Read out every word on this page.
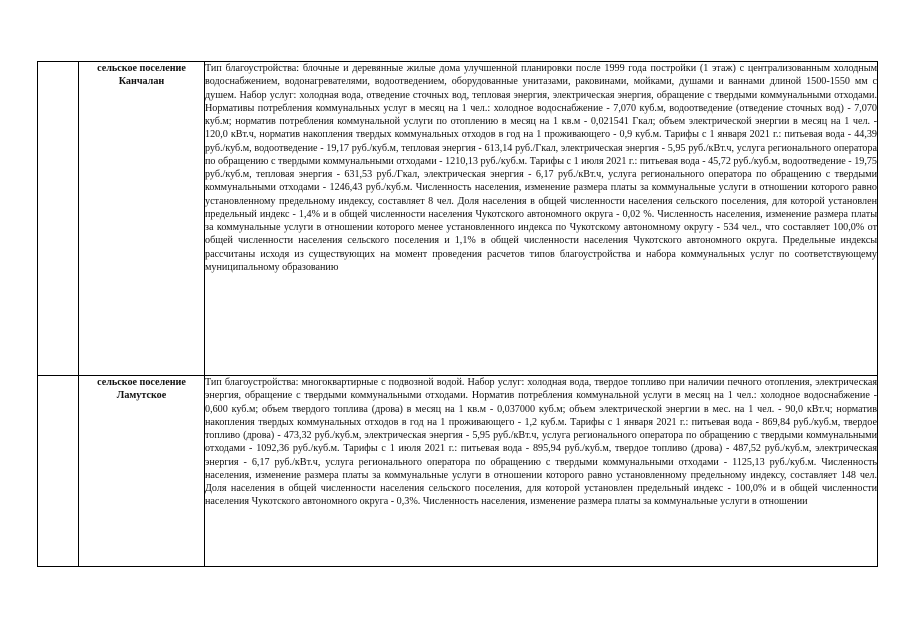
	сельское поселение Канчалан	Тип благоустройства: блочные и деревянные жилые дома улучшенной планировки после 1999 года постройки (1 этаж) с централизованным холодным водоснабжением, водонагревателями, водоотведением, оборудованные унитазами, раковинами, мойками, душами и ваннами длиной 1500-1550 мм с душем. Набор услуг: холодная вода, отведение сточных вод, тепловая энергия, электрическая энергия, обращение с твердыми коммунальными отходами. Нормативы потребления коммунальных услуг в месяц на 1 чел.: холодное водоснабжение - 7,070 куб.м, водоотведение (отведение сточных вод) - 7,070 куб.м; норматив потребления коммунальной услуги по отоплению в месяц на 1 кв.м - 0,021541 Гкал; объем электрической энергии в месяц на 1 чел. - 120,0 кВт.ч, норматив накопления твердых коммунальных отходов в год на 1 проживающего - 0,9 куб.м. Тарифы с 1 января 2021 г.: питьевая вода - 44,39 руб./куб.м, водоотведение - 19,17 руб./куб.м, тепловая энергия - 613,14 руб./Гкал, электрическая энергия - 5,95 руб./кВт.ч, услуга регионального оператора по обращению с твердыми коммунальными отходами - 1210,13 руб./куб.м. Тарифы с 1 июля 2021 г.: питьевая вода - 45,72 руб./куб.м, водоотведение - 19,75 руб./куб.м, тепловая энергия - 631,53 руб./Гкал, электрическая энергия - 6,17 руб./кВт.ч, услуга регионального оператора по обращению с твердыми коммунальными отходами - 1246,43 руб./куб.м. Численность населения, изменение размера платы за коммунальные услуги в отношении которого равно установленному предельному индексу, составляет 8 чел. Доля населения в общей численности населения сельского поселения, для которой установлен предельный индекс - 1,4% и в общей численности населения Чукотского автономного округа - 0,02 %. Численность населения, изменение размера платы за коммунальные услуги в отношении которого менее установленного индекса по Чукотскому автономному округу - 534 чел., что составляет 100,0% от общей численности населения сельского поселения и 1,1% в общей численности населения Чукотского автономного округа. Предельные индексы рассчитаны исходя из существующих на момент проведения расчетов типов благоустройства и набора коммунальных услуг по соответствующему муниципальному образованию
	сельское поселение Ламутское	Тип благоустройства: многоквартирные с подвозной водой. Набор услуг: холодная вода, твердое топливо при наличии печного отопления, электрическая энергия, обращение с твердыми коммунальными отходами. Норматив потребления коммунальной услуги в месяц на 1 чел.: холодное водоснабжение - 0,600 куб.м; объем твердого топлива (дрова) в месяц на 1 кв.м - 0,037000 куб.м; объем электрической энергии в мес. на 1 чел. - 90,0 кВт.ч; норматив накопления твердых коммунальных отходов в год на 1 проживающего - 1,2 куб.м. Тарифы с 1 января 2021 г.: питьевая вода - 869,84 руб./куб.м, твердое топливо (дрова) - 473,32 руб./куб.м, электрическая энергия - 5,95 руб./кВт.ч, услуга регионального оператора по обращению с твердыми коммунальными отходами - 1092,36 руб./куб.м. Тарифы с 1 июля 2021 г.: питьевая вода - 895,94 руб./куб.м, твердое топливо (дрова) - 487,52 руб./куб.м, электрическая энергия - 6,17 руб./кВт.ч, услуга регионального оператора по обращению с твердыми коммунальными отходами - 1125,13 руб./куб.м. Численность населения, изменение размера платы за коммунальные услуги в отношении которого равно установленному предельному индексу, составляет 148 чел. Доля населения в общей численности населения сельского поселения, для которой установлен предельный индекс - 100,0% и в общей численности населения Чукотского автономного округа - 0,3%. Численность населения, изменение размера платы за коммунальные услуги в отношении
